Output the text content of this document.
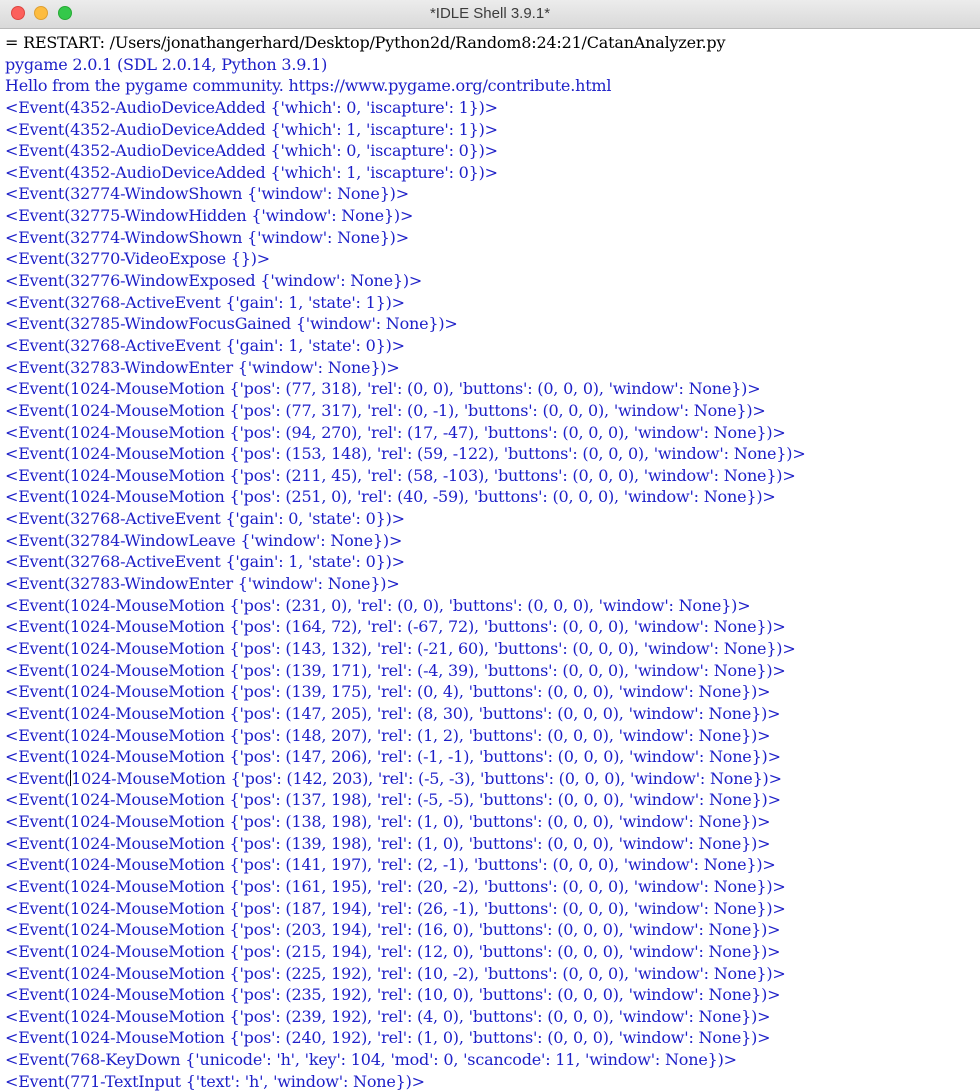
*IDLE Shell 3.9.1*
= RESTART: /Users/jonathangerhard/Desktop/Python2d/Random8:24:21/CatanAnalyzer.py
pygame 2.0.1 (SDL 2.0.14, Python 3.9.1)
Hello from the pygame community. https://www.pygame.org/contribute.html
<Event(4352-AudioDeviceAdded {'which': 0, 'iscapture': 1})>
<Event(4352-AudioDeviceAdded {'which': 1, 'iscapture': 1})>
<Event(4352-AudioDeviceAdded {'which': 0, 'iscapture': 0})>
<Event(4352-AudioDeviceAdded {'which': 1, 'iscapture': 0})>
<Event(32774-WindowShown {'window': None})>
<Event(32775-WindowHidden {'window': None})>
<Event(32774-WindowShown {'window': None})>
<Event(32770-VideoExpose {})>
<Event(32776-WindowExposed {'window': None})>
<Event(32768-ActiveEvent {'gain': 1, 'state': 1})>
<Event(32785-WindowFocusGained {'window': None})>
<Event(32768-ActiveEvent {'gain': 1, 'state': 0})>
<Event(32783-WindowEnter {'window': None})>
<Event(1024-MouseMotion {'pos': (77, 318), 'rel': (0, 0), 'buttons': (0, 0, 0), 'window': None})>
<Event(1024-MouseMotion {'pos': (77, 317), 'rel': (0, -1), 'buttons': (0, 0, 0), 'window': None})>
<Event(1024-MouseMotion {'pos': (94, 270), 'rel': (17, -47), 'buttons': (0, 0, 0), 'window': None})>
<Event(1024-MouseMotion {'pos': (153, 148), 'rel': (59, -122), 'buttons': (0, 0, 0), 'window': None})>
<Event(1024-MouseMotion {'pos': (211, 45), 'rel': (58, -103), 'buttons': (0, 0, 0), 'window': None})>
<Event(1024-MouseMotion {'pos': (251, 0), 'rel': (40, -59), 'buttons': (0, 0, 0), 'window': None})>
<Event(32768-ActiveEvent {'gain': 0, 'state': 0})>
<Event(32784-WindowLeave {'window': None})>
<Event(32768-ActiveEvent {'gain': 1, 'state': 0})>
<Event(32783-WindowEnter {'window': None})>
<Event(1024-MouseMotion {'pos': (231, 0), 'rel': (0, 0), 'buttons': (0, 0, 0), 'window': None})>
<Event(1024-MouseMotion {'pos': (164, 72), 'rel': (-67, 72), 'buttons': (0, 0, 0), 'window': None})>
<Event(1024-MouseMotion {'pos': (143, 132), 'rel': (-21, 60), 'buttons': (0, 0, 0), 'window': None})>
<Event(1024-MouseMotion {'pos': (139, 171), 'rel': (-4, 39), 'buttons': (0, 0, 0), 'window': None})>
<Event(1024-MouseMotion {'pos': (139, 175), 'rel': (0, 4), 'buttons': (0, 0, 0), 'window': None})>
<Event(1024-MouseMotion {'pos': (147, 205), 'rel': (8, 30), 'buttons': (0, 0, 0), 'window': None})>
<Event(1024-MouseMotion {'pos': (148, 207), 'rel': (1, 2), 'buttons': (0, 0, 0), 'window': None})>
<Event(1024-MouseMotion {'pos': (147, 206), 'rel': (-1, -1), 'buttons': (0, 0, 0), 'window': None})>
<Event(1024-MouseMotion {'pos': (142, 203), 'rel': (-5, -3), 'buttons': (0, 0, 0), 'window': None})>
<Event(1024-MouseMotion {'pos': (137, 198), 'rel': (-5, -5), 'buttons': (0, 0, 0), 'window': None})>
<Event(1024-MouseMotion {'pos': (138, 198), 'rel': (1, 0), 'buttons': (0, 0, 0), 'window': None})>
<Event(1024-MouseMotion {'pos': (139, 198), 'rel': (1, 0), 'buttons': (0, 0, 0), 'window': None})>
<Event(1024-MouseMotion {'pos': (141, 197), 'rel': (2, -1), 'buttons': (0, 0, 0), 'window': None})>
<Event(1024-MouseMotion {'pos': (161, 195), 'rel': (20, -2), 'buttons': (0, 0, 0), 'window': None})>
<Event(1024-MouseMotion {'pos': (187, 194), 'rel': (26, -1), 'buttons': (0, 0, 0), 'window': None})>
<Event(1024-MouseMotion {'pos': (203, 194), 'rel': (16, 0), 'buttons': (0, 0, 0), 'window': None})>
<Event(1024-MouseMotion {'pos': (215, 194), 'rel': (12, 0), 'buttons': (0, 0, 0), 'window': None})>
<Event(1024-MouseMotion {'pos': (225, 192), 'rel': (10, -2), 'buttons': (0, 0, 0), 'window': None})>
<Event(1024-MouseMotion {'pos': (235, 192), 'rel': (10, 0), 'buttons': (0, 0, 0), 'window': None})>
<Event(1024-MouseMotion {'pos': (239, 192), 'rel': (4, 0), 'buttons': (0, 0, 0), 'window': None})>
<Event(1024-MouseMotion {'pos': (240, 192), 'rel': (1, 0), 'buttons': (0, 0, 0), 'window': None})>
<Event(768-KeyDown {'unicode': 'h', 'key': 104, 'mod': 0, 'scancode': 11, 'window': None})>
<Event(771-TextInput {'text': 'h', 'window': None})>
